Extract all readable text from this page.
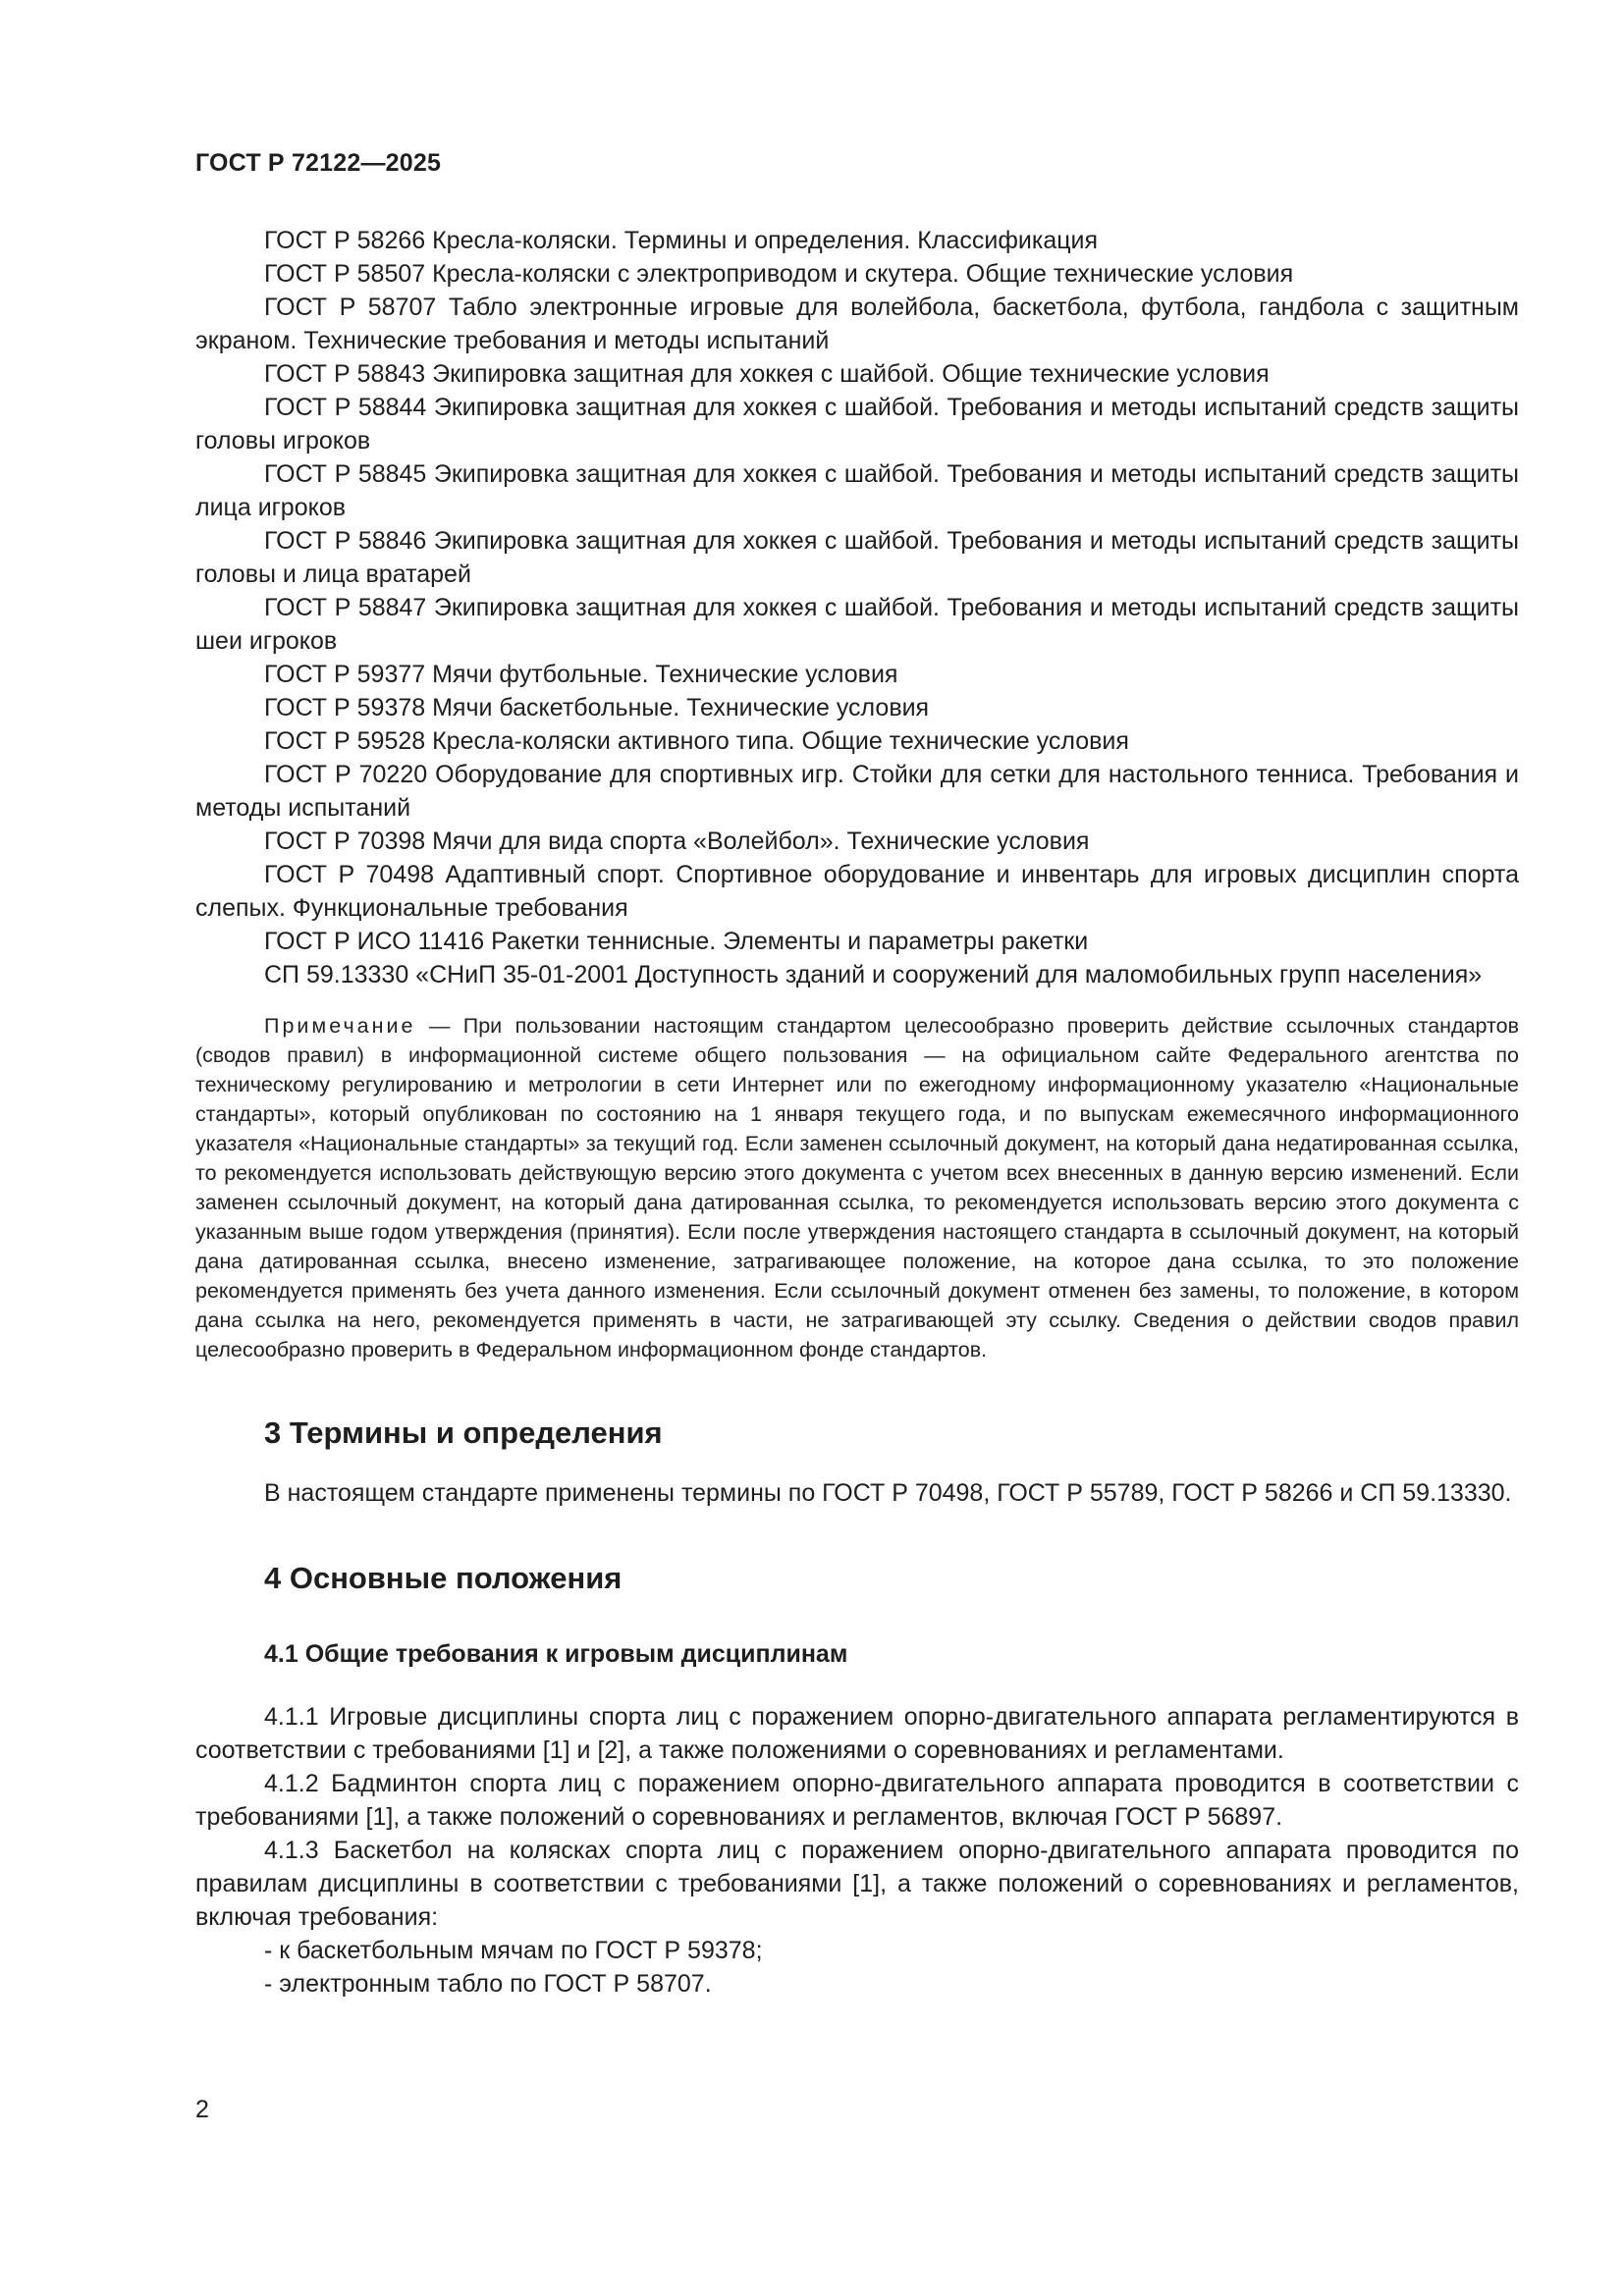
ГОСТ Р 72122—2025

ГОСТ Р 58266 Кресла-коляски. Термины и определения. Классификация

ГОСТ Р 58507 Кресла-коляски с электроприводом и скутера. Общие технические условия

ГОСТ Р 58707 Табло электронные игровые для волейбола, баскетбола, футбола, гандбола с защитным экраном. Технические требования и методы испытаний

ГОСТ Р 58843 Экипировка защитная для хоккея с шайбой. Общие технические условия

ГОСТ Р 58844 Экипировка защитная для хоккея с шайбой. Требования и методы испытаний средств защиты головы игроков

ГОСТ Р 58845 Экипировка защитная для хоккея с шайбой. Требования и методы испытаний средств защиты лица игроков

ГОСТ Р 58846 Экипировка защитная для хоккея с шайбой. Требования и методы испытаний средств защиты головы и лица вратарей

ГОСТ Р 58847 Экипировка защитная для хоккея с шайбой. Требования и методы испытаний средств защиты шеи игроков

ГОСТ Р 59377 Мячи футбольные. Технические условия

ГОСТ Р 59378 Мячи баскетбольные. Технические условия

ГОСТ Р 59528 Кресла-коляски активного типа. Общие технические условия

ГОСТ Р 70220 Оборудование для спортивных игр. Стойки для сетки для настольного тенниса. Требования и методы испытаний

ГОСТ Р 70398 Мячи для вида спорта «Волейбол». Технические условия

ГОСТ Р 70498 Адаптивный спорт. Спортивное оборудование и инвентарь для игровых дисциплин спорта слепых. Функциональные требования

ГОСТ Р ИСО 11416 Ракетки теннисные. Элементы и параметры ракетки

СП 59.13330 «СНиП 35-01-2001 Доступность зданий и сооружений для маломобильных групп населения»

Примечание — При пользовании настоящим стандартом целесообразно проверить действие ссылочных стандартов (сводов правил) в информационной системе общего пользования — на официальном сайте Федерального агентства по техническому регулированию и метрологии в сети Интернет или по ежегодному информационному указателю «Национальные стандарты», который опубликован по состоянию на 1 января текущего года, и по выпускам ежемесячного информационного указателя «Национальные стандарты» за текущий год. Если заменен ссылочный документ, на который дана недатированная ссылка, то рекомендуется использовать действующую версию этого документа с учетом всех внесенных в данную версию изменений. Если заменен ссылочный документ, на который дана датированная ссылка, то рекомендуется использовать версию этого документа с указанным выше годом утверждения (принятия). Если после утверждения настоящего стандарта в ссылочный документ, на который дана датированная ссылка, внесено изменение, затрагивающее положение, на которое дана ссылка, то это положение рекомендуется применять без учета данного изменения. Если ссылочный документ отменен без замены, то положение, в котором дана ссылка на него, рекомендуется применять в части, не затрагивающей эту ссылку. Сведения о действии сводов правил целесообразно проверить в Федеральном информационном фонде стандартов.

3 Термины и определения

В настоящем стандарте применены термины по ГОСТ Р 70498, ГОСТ Р 55789, ГОСТ Р 58266 и СП 59.13330.

4 Основные положения
4.1 Общие требования к игровым дисциплинам

4.1.1 Игровые дисциплины спорта лиц с поражением опорно-двигательного аппарата регламентируются в соответствии с требованиями [1] и [2], а также положениями о соревнованиях и регламентами.

4.1.2 Бадминтон спорта лиц с поражением опорно-двигательного аппарата проводится в соответствии с требованиями [1], а также положений о соревнованиях и регламентов, включая ГОСТ Р 56897.

4.1.3 Баскетбол на колясках спорта лиц с поражением опорно-двигательного аппарата проводится по правилам дисциплины в соответствии с требованиями [1], а также положений о соревнованиях и регламентов, включая требования:

- к баскетбольным мячам по ГОСТ Р 59378;

- электронным табло по ГОСТ Р 58707.

2
